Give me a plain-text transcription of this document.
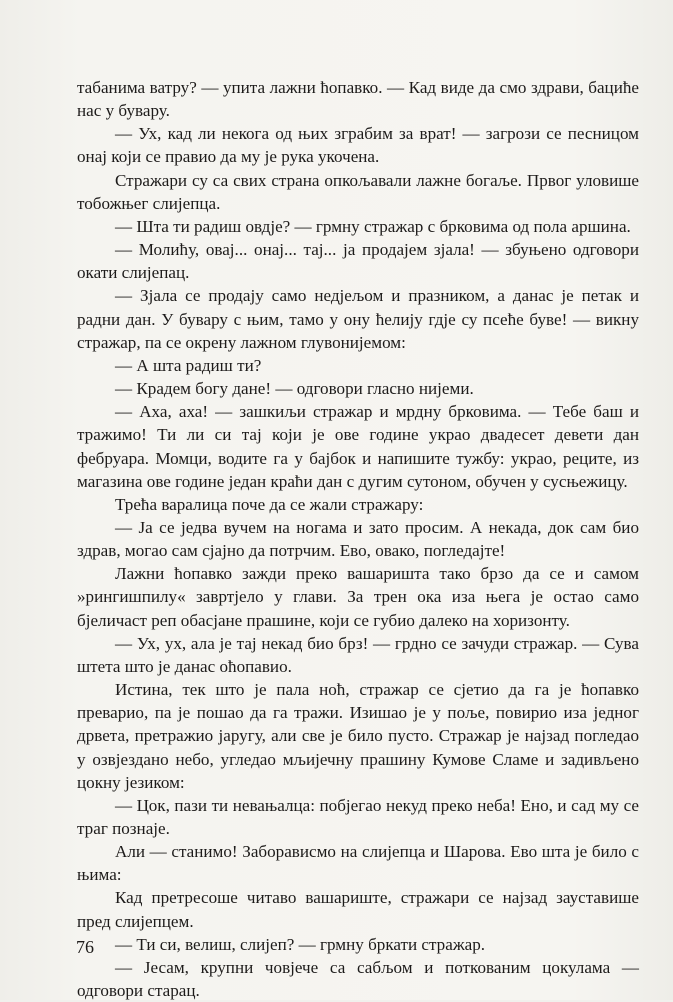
табанима ватру? — упита лажни ћопавко. — Кад виде да смо здрави, бациће нас у бувару.

— Ух, кад ли некога од њих зграбим за врат! — загрози се песницом онај који се правио да му је рука укочена.

Стражари су са свих страна опкољавали лажне богаље. Првог уловише тобожњег слијепца.

— Шта ти радиш овдје? — грмну стражар с брковима од пола аршина.

— Молићу, овај... онај... тај... ја продајем зјала! — збуњено одговори окати слијепац.

— Зјала се продају само недјељом и празником, а данас је петак и радни дан. У бувару с њим, тамо у ону ћелију гдје су псеће буве! — викну стражар, па се окрену лажном глувонијемом:

— А шта радиш ти?

— Крадем богу дане! — одговори гласно нијеми.

— Аха, аха! — зашкиљи стражар и мрдну брковима. — Тебе баш и тражимо! Ти ли си тај који је ове године украо двадесет девети дан фебруара. Момци, водите га у бајбок и напишите тужбу: украо, реците, из магазина ове године један краћи дан с дугим сутоном, обучен у сусњежицу.

Трећа варалица поче да се жали стражару:

— Ја се једва вучем на ногама и зато просим. А некада, док сам био здрав, могао сам сјајно да потрчим. Ево, овако, погледајте!

Лажни ћопавко зажди преко вашаришта тако брзо да се и самом »рингишпилу« завртјело у глави. За трен ока иза њега је остао само бјеличаст реп обасјане прашине, који се губио далеко на хоризонту.

— Ух, ух, ала је тај некад био брз! — грдно се зачуди стражар. — Сува штета што је данас оћопавио.

Истина, тек што је пала ноћ, стражар се сјетио да га је ћопавко преварио, па је пошао да га тражи. Изишао је у поље, повирио иза једног дрвета, претражио јаругу, али све је било пусто. Стражар је најзад погледао у озвјездано небо, угледао мљијечну прашину Кумове Сламе и задивљено цокну језиком:

— Цок, пази ти невањалца: побјегао некуд преко неба! Ено, и сад му се траг познаје.

Али — станимо! Заборависмо на слијепца и Шарова. Ево шта је било с њима:

Кад претресоше читаво вашариште, стражари се најзад зауставише пред слијепцем.

— Ти си, велиш, слијеп? — грмну бркати стражар.

— Јесам, крупни човјече са сабљом и поткованим цокулама — одговори старац.

76
